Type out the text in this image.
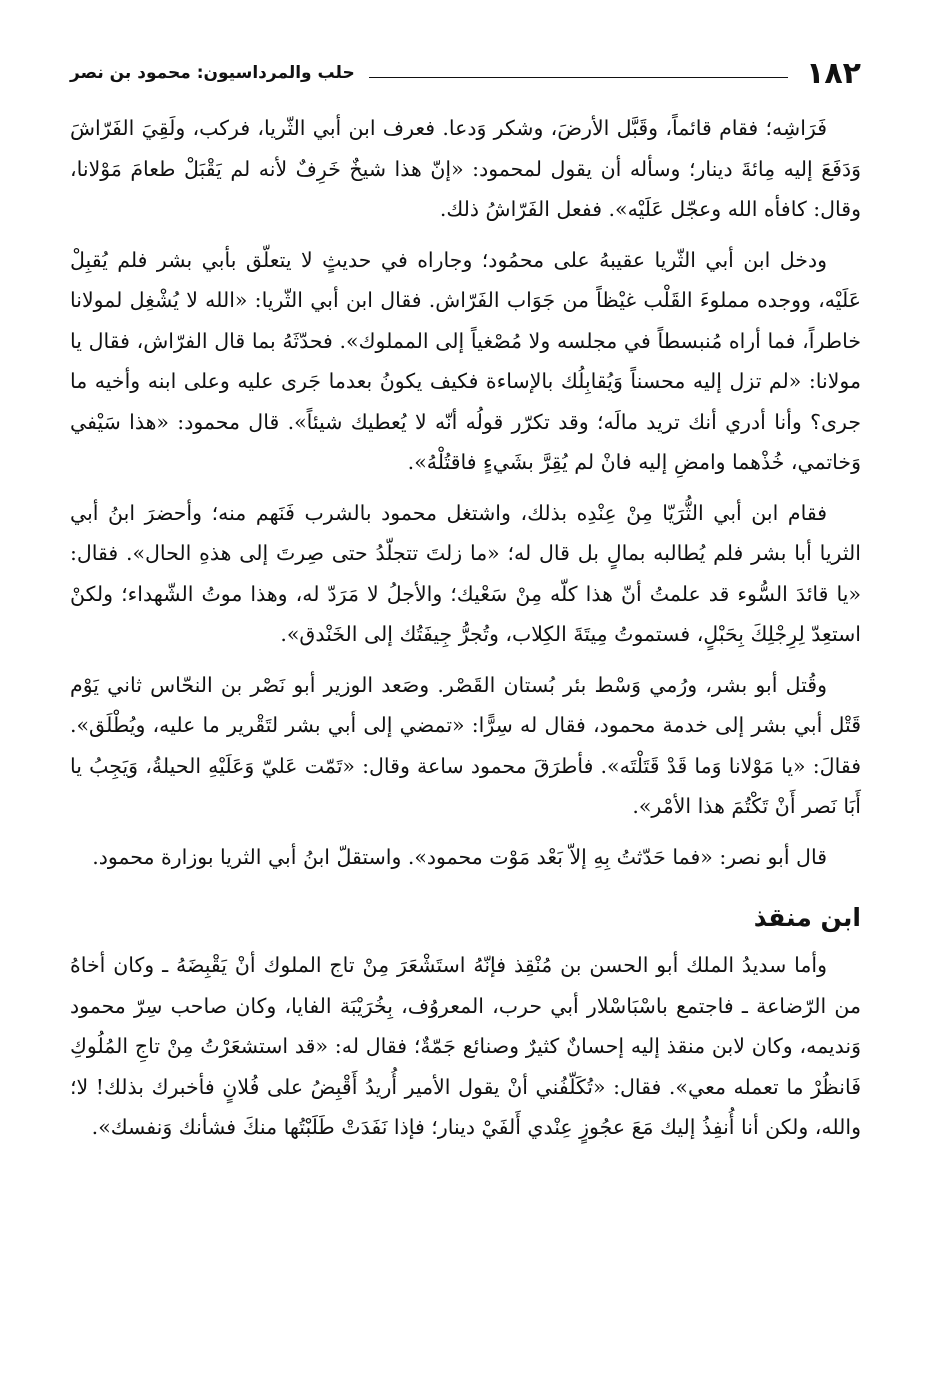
١٨٢
حلب والمرداسيون: محمود بن نصر

فَرَاشِه؛ فقام قائماً، وقَبَّل الأرضَ، وشكر وَدعا. فعرف ابن أبي الثّريا، فركب، ولَقِيَ الفَرّاشَ وَدَفَعَ إليه مِائةَ دينار؛ وسأله أن يقول لمحمود: «إنّ هذا شيخٌ خَرِفٌ لأنه لم يَقْبَلْ طعامَ مَوْلانا، وقال: كافأه الله وعجّل عَلَيْه». ففعل الفَرّاشُ ذلك.

ودخل ابن أبي الثّريا عقيبهُ على محمُود؛ وجاراه في حديثٍ لا يتعلّق بأبي بشر فلم يُقبِلْ عَلَيْه، ووجده مملوءَ القَلْب غيْظاً من جَوَاب الفَرّاش. فقال ابن أبي الثّريا: «الله لا يُشْغِل لمولانا خاطراً، فما أراه مُنبسطاً في مجلسه ولا مُصْغياً إلى المملوك». فحدّثَهُ بما قال الفرّاش، فقال يا مولانا: «لم تزل إليه محسناً وَيُقابِلُك بالإساءة فكيف يكونُ بعدما جَرى عليه وعلى ابنه وأخيه ما جرى؟ وأنا أدري أنك تريد مالَه؛ وقد تكرّر قولُه أنّه لا يُعطيك شيئاً». قال محمود: «هذا سَيْفي وَخاتمي، خُذْهما وامضِ إليه فانْ لم يُقِرَّ بشَيءٍ فاقتُلْهُ».

فقام ابن أبي الثُّرَيّا مِنْ عِنْدِه بذلك، واشتغل محمود بالشرب فَنَهم منه؛ وأحضرَ ابنُ أبي الثريا أبا بشر فلم يُطالبه بمالٍ بل قال له؛ «ما زلتَ تتجلّدُ حتى صِرتَ إلى هذهِ الحال». فقال: «يا قائدَ السُّوء قد علمتُ أنّ هذا كلّه مِنْ سَعْيك؛ والأجلُ لا مَرَدّ له، وهذا موتُ الشّهداء؛ ولكنْ استعِدّ لِرِجْلِكَ بِحَبْلٍ، فستموتُ مِيتَةَ الكِلاب، وتُجرُّ جِيفَتُك إلى الخَنْدق».

وقُتل أبو بشر، ورُمي وَسْط بئر بُستان القَصْر. وصَعد الوزير أبو نَصْر بن النحّاس ثاني يَوْم قَتْل أبي بشر إلى خدمة محمود، فقال له سِرًّا: «تمضي إلى أبي بشر لتَقْرير ما عليه، ويُطْلَق». فقالَ: «يا مَوْلانا وَما قَدْ قَتَلْتَه». فأطرَقَ محمود ساعة وقال: «تَمّت عَليّ وَعَلَيْهِ الحيلةُ، وَيَجِبُ يا أَبَا نَصر أَنْ تَكْتُمَ هذا الأمْر».

قال أبو نصر: «فما حَدّثتُ بِهِ إلاّ بَعْد مَوْت محمود». واستقلّ ابنُ أبي الثريا بوزارة محمود.

ابن منقذ

وأما سديدُ الملك أبو الحسن بن مُنْقِذ فإنّهُ استَشْعَرَ مِنْ تاج الملوك أنْ يَقْبِضَهُ ـ وكان أخاهُ من الرّضاعة ـ فاجتمع باسْبَاسْلار أبي حرب، المعروُف، بِخُرَيْبَة الفايا، وكان صاحب سِرّ محمود وَنديمه، وكان لابن منقذ إليه إحسانٌ كثيرٌ وصنائع جَمّةٌ؛ فقال له: «قد استشعَرْتُ مِنْ تاجِ المُلُوكِ فَانظُرْ ما تعمله معي». فقال: «تُكَلّفُني أنْ يقول الأمير أُريدُ أَقْبِضُ على فُلانٍ فأخبرك بذلك! لا؛ والله، ولكن أنا أُنفِذُ إليك مَعَ عجُوزٍ عِنْدي أَلفَيْ دينار؛ فإذا نَفَدَتْ طَلَبْتُها منكَ فشأنك وَنفسك».
